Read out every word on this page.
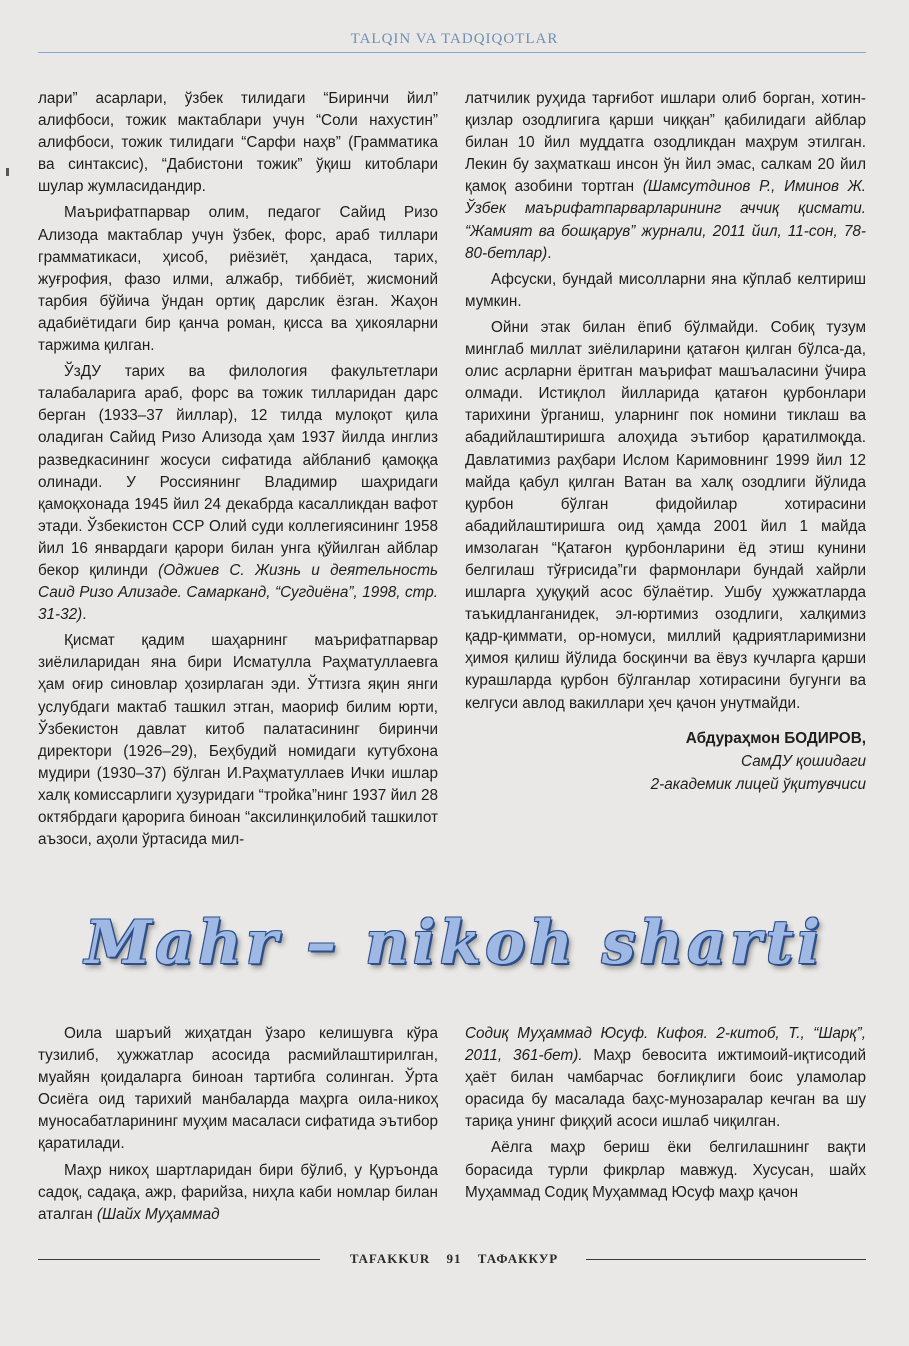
TALQIN VA TADQIQOTLAR

лари” асарлари, ўзбек тилидаги “Биринчи йил” алифбоси, тожик мактаблари учун “Соли нахустин” алифбоси, тожик тилидаги “Сарфи наҳв” (Грамматика ва синтаксис), “Дабистони тожик” ўқиш китоблари шулар жумласидандир.

Маърифатпарвар олим, педагог Сайид Ризо Ализода мактаблар учун ўзбек, форс, араб тиллари грамматикаси, ҳисоб, риёзиёт, ҳандаса, тарих, жуғрофия, фазо илми, алжабр, тиббиёт, жисмоний тарбия бўйича ўндан ортиқ дарслик ёзган. Жаҳон адабиётидаги бир қанча роман, қисса ва ҳикояларни таржима қилган.

ЎзДУ тарих ва филология факультетлари талабаларига араб, форс ва тожик тилларидан дарс берган (1933–37 йиллар), 12 тилда мулоқот қила оладиган Сайид Ризо Ализода ҳам 1937 йилда инглиз разведкасининг жосуси сифатида айбланиб қамоққа олинади. У Россиянинг Владимир шаҳридаги қамоқхонада 1945 йил 24 декабрда касалликдан вафот этади. Ўзбекистон ССР Олий суди коллегиясининг 1958 йил 16 январдаги қарори билан унга қўйилган айблар бекор қилинди (Оджиев С. Жизнь и деятельность Саид Ризо Ализаде. Самарканд, “Сугдиёна”, 1998, стр. 31-32).

Қисмат қадим шаҳарнинг маърифатпарвар зиёлиларидан яна бири Исматулла Раҳматуллаевга ҳам оғир синовлар ҳозирлаган эди. Ўттизга яқин янги услубдаги мактаб ташкил этган, маориф билим юрти, Ўзбекистон давлат китоб палатасининг биринчи директори (1926–29), Беҳбудий номидаги кутубхона мудири (1930–37) бўлган И.Раҳматуллаев Ички ишлар халқ комиссарлиги ҳузуридаги “тройка”нинг 1937 йил 28 октябрдаги қарорига биноан “аксилинқилобий ташкилот аъзоси, аҳоли ўртасида мил-

латчилик руҳида тарғибот ишлари олиб борган, хотин-қизлар озодлигига қарши чиққан” қабилидаги айблар билан 10 йил муддатга озодликдан маҳрум этилган. Лекин бу заҳматкаш инсон ўн йил эмас, салкам 20 йил қамоқ азобини тортган (Шамсутдинов Р., Иминов Ж. Ўзбек маърифатпарварларининг аччиқ қисмати. “Жамият ва бошқарув” журнали, 2011 йил, 11-сон, 78-80-бетлар).

Афсуски, бундай мисолларни яна кўплаб келтириш мумкин.

Ойни этак билан ёпиб бўлмайди. Собиқ тузум минглаб миллат зиёлиларини қатағон қилган бўлса-да, олис асрларни ёритган маърифат машъаласини ўчира олмади. Истиқлол йилларида қатағон қурбонлари тарихини ўрганиш, уларнинг пок номини тиклаш ва абадийлаштиришга алоҳида эътибор қаратилмоқда. Давлатимиз раҳбари Ислом Каримовнинг 1999 йил 12 майда қабул қилган Ватан ва халқ озодлиги йўлида қурбон бўлган фидойилар хотирасини абадийлаштиришга оид ҳамда 2001 йил 1 майда имзолаган “Қатағон қурбонларини ёд этиш кунини белгилаш тўғрисида”ги фармонлари бундай хайрли ишларга ҳуқуқий асос бўлаётир. Ушбу ҳужжатларда таъкидланганидек, эл-юртимиз озодлиги, халқимиз қадр-қиммати, ор-номуси, миллий қадриятларимизни ҳимоя қилиш йўлида босқинчи ва ёвуз кучларга қарши курашларда қурбон бўлганлар хотирасини бугунги ва келгуси авлод вакиллари ҳеч қачон унутмайди.

Абдураҳмон БОДИРОВ,
СамДУ қошидаги
2-академик лицей ўқитувчиси
Mahr – nikoh sharti

Оила шаръий жиҳатдан ўзаро келишувга кўра тузилиб, ҳужжатлар асосида расмийлаштирилган, муайян қоидаларга биноан тартибга солинган. Ўрта Осиёга оид тарихий манбаларда маҳрга оила-никоҳ муносабатларининг муҳим масаласи сифатида эътибор қаратилади.

Маҳр никоҳ шартларидан бири бўлиб, у Қуръонда садоқ, садақа, ажр, фарийза, ниҳла каби номлар билан аталган (Шайх Муҳаммад

Содиқ Муҳаммад Юсуф. Кифоя. 2-китоб, Т., “Шарқ”, 2011, 361-бет). Маҳр бевосита ижтимоий-иқтисодий ҳаёт билан чамбарчас боғлиқлиги боис уламолар орасида бу масалада баҳс-мунозаралар кечган ва шу тариқа унинг фиқҳий асоси ишлаб чиқилган.

Аёлга маҳр бериш ёки белгилашнинг вақти борасида турли фикрлар мавжуд. Хусусан, шайх Муҳаммад Содиқ Муҳаммад Юсуф маҳр қачон

TAFAKKUR 91 ТАФАККУР
